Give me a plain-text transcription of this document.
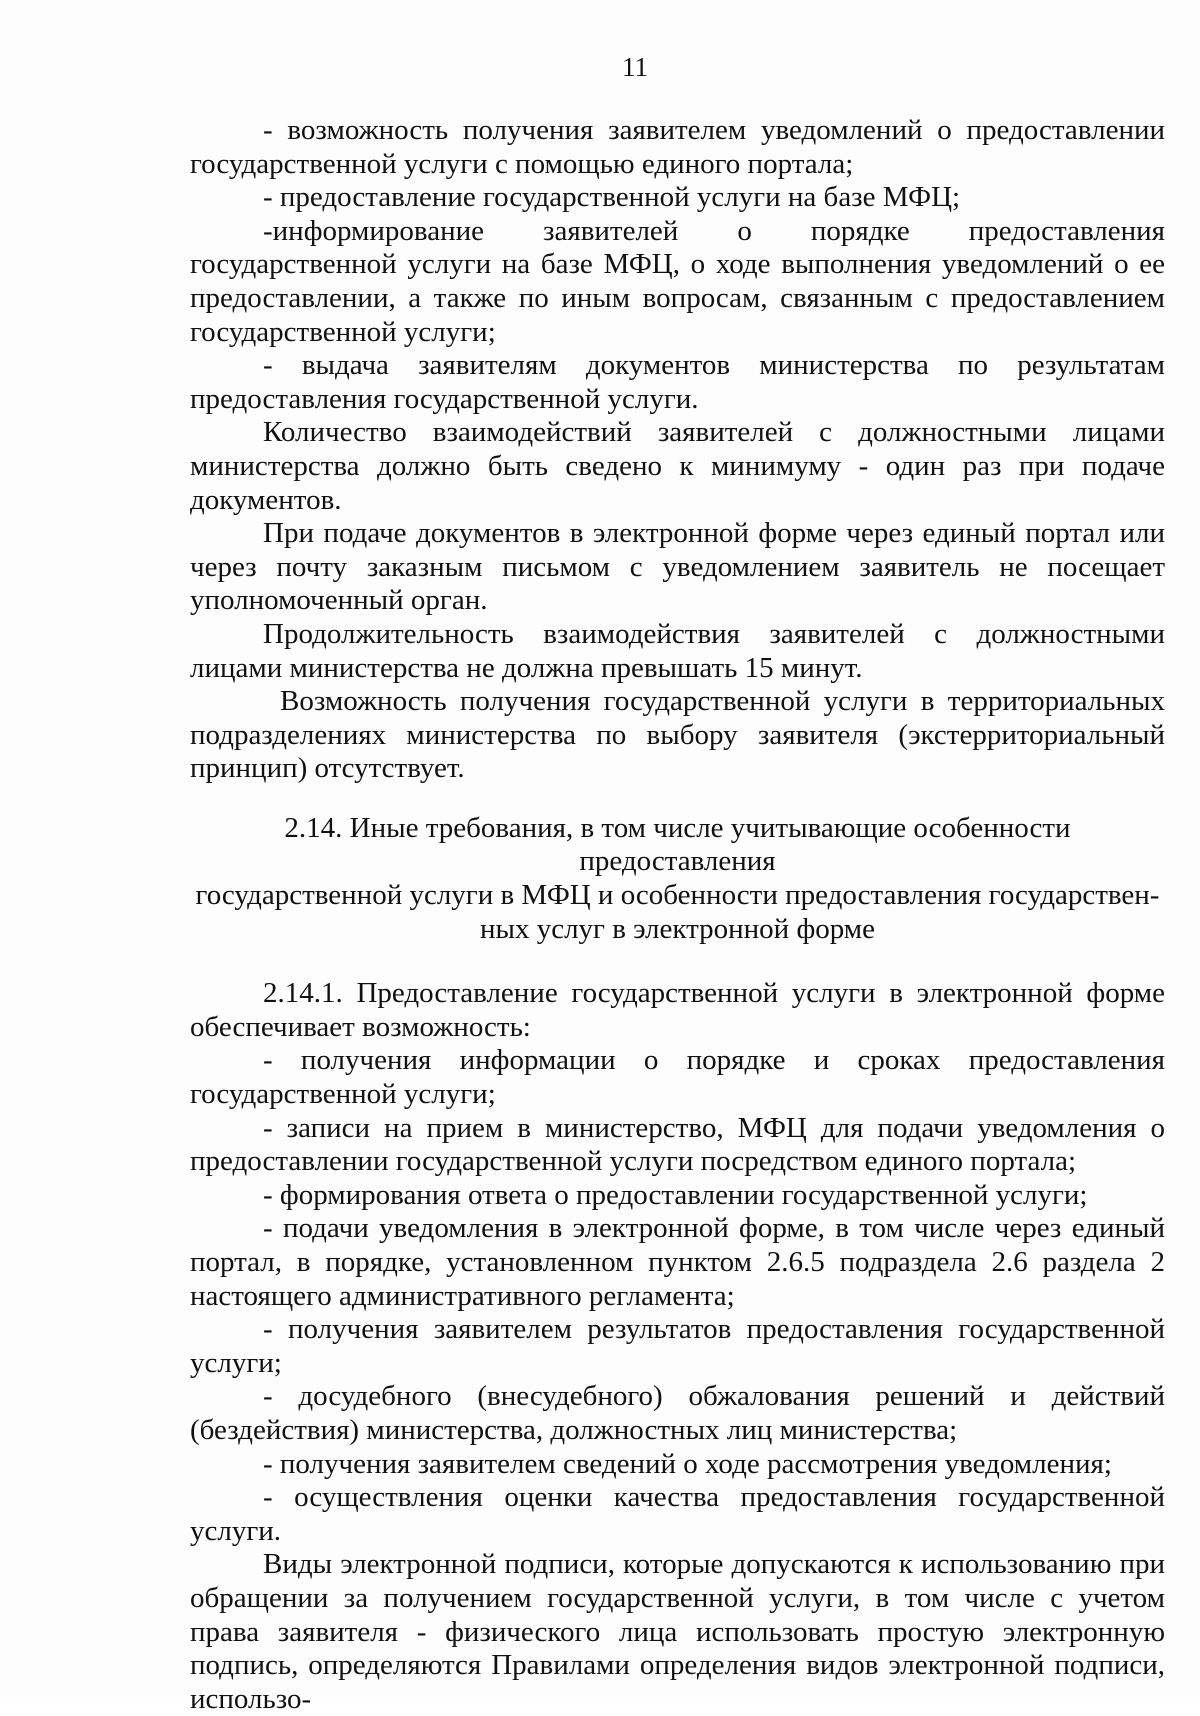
11

- возможность получения заявителем уведомлений о предоставлении государственной услуги с помощью единого портала;

- предоставление государственной услуги на базе МФЦ;

-информирование заявителей о порядке предоставления государственной услуги на базе МФЦ, о ходе выполнения уведомлений о ее предоставлении, а также по иным вопросам, связанным с предоставлением государственной услуги;

- выдача заявителям документов министерства по результатам предоставления государственной услуги.

Количество взаимодействий заявителей с должностными лицами министерства должно быть сведено к минимуму - один раз при подаче документов.

При подаче документов в электронной форме через единый портал или через почту заказным письмом с уведомлением заявитель не посещает уполномоченный орган.

Продолжительность взаимодействия заявителей с должностными лицами министерства не должна превышать 15 минут.

Возможность получения государственной услуги в территориальных подразделениях министерства по выбору заявителя (экстерриториальный принцип) отсутствует.

2.14. Иные требования, в том числе учитывающие особенности предоставления
государственной услуги в МФЦ и особенности предоставления государствен-
ных услуг в электронной форме

2.14.1. Предоставление государственной услуги в электронной форме обеспечивает возможность:

- получения информации о порядке и сроках предоставления государственной услуги;

- записи на прием в министерство, МФЦ для подачи уведомления о предоставлении государственной услуги посредством единого портала;

- формирования ответа о предоставлении государственной услуги;

- подачи уведомления в электронной форме, в том числе через единый портал, в порядке, установленном пунктом 2.6.5 подраздела 2.6 раздела 2 настоящего административного регламента;

- получения заявителем результатов предоставления государственной услуги;

- досудебного (внесудебного) обжалования решений и действий (бездействия) министерства, должностных лиц министерства;

- получения заявителем сведений о ходе рассмотрения уведомления;

- осуществления оценки качества предоставления государственной услуги.

Виды электронной подписи, которые допускаются к использованию при обращении за получением государственной услуги, в том числе с учетом права заявителя - физического лица использовать простую электронную подпись, определяются Правилами определения видов электронной подписи, использо-
